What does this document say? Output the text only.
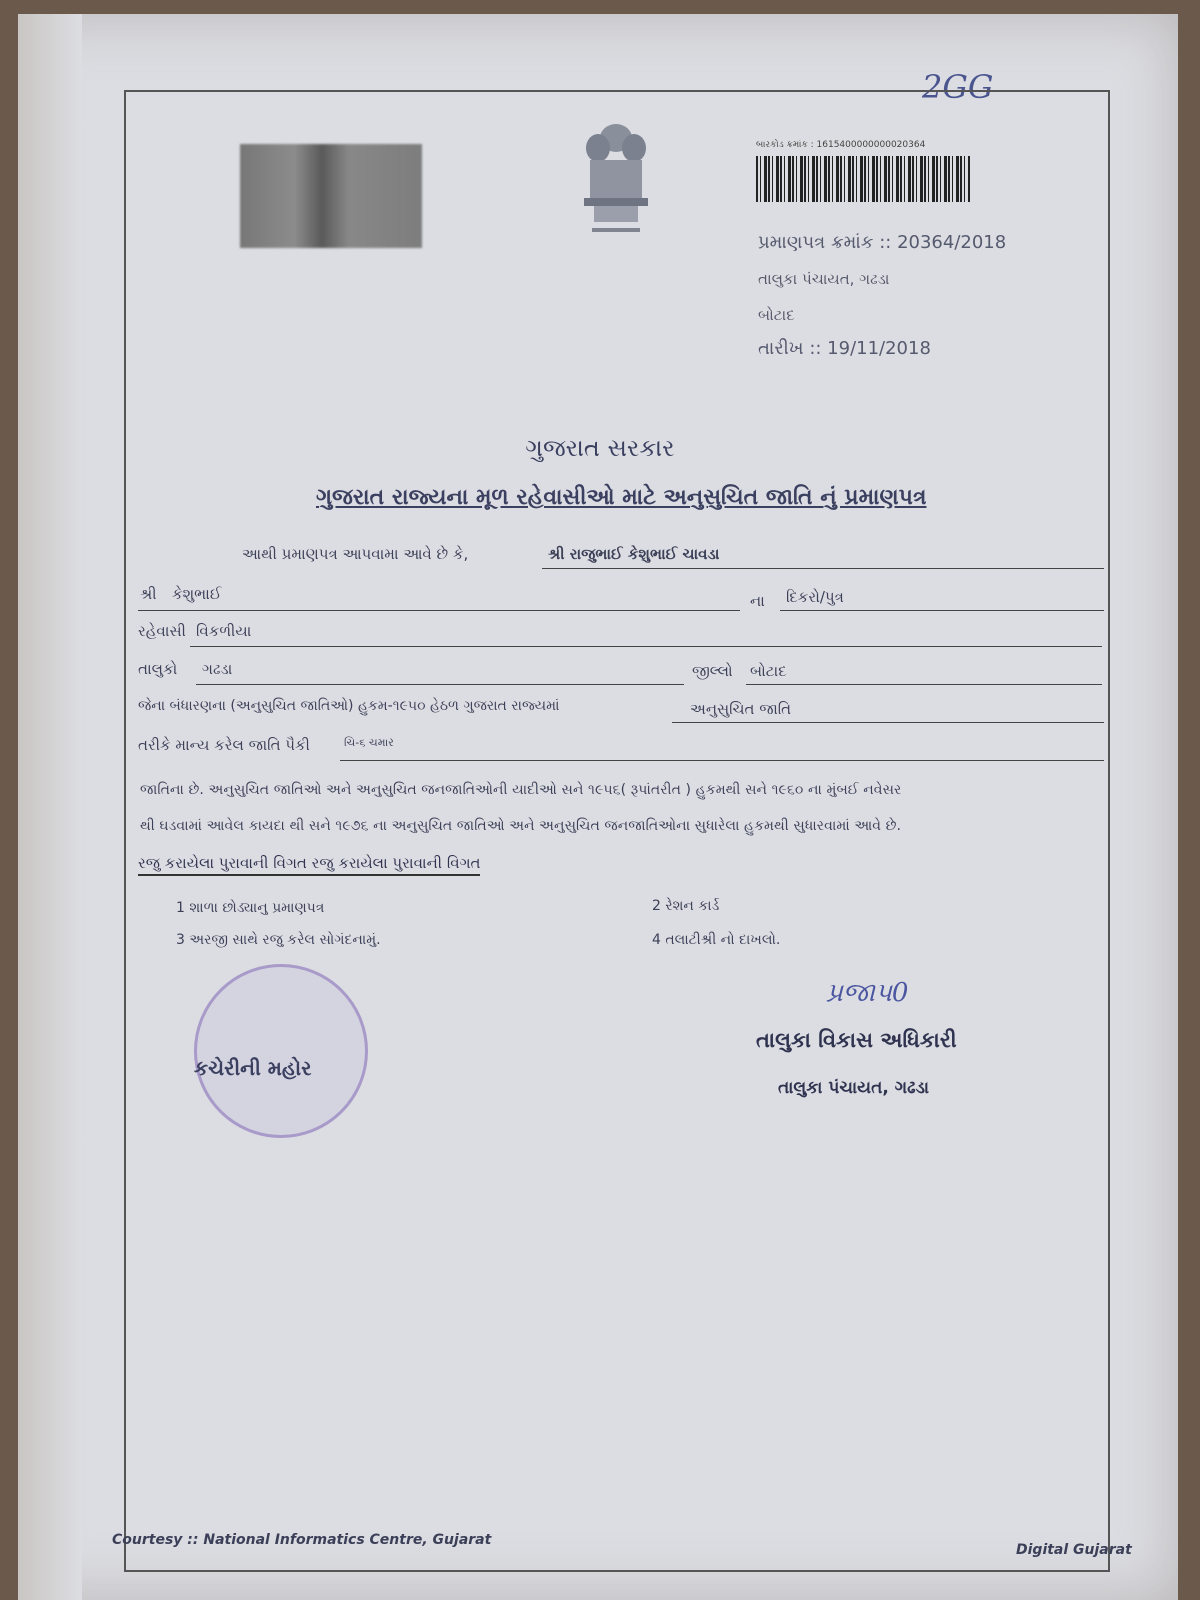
2GG
બારકોડ ક્રમાંક : 1615400000000020364
પ્રમાણપત્ર ક્રમાંક :: 20364/2018
તાલુકા પંચાયત, ગઢડા
બોટાદ
તારીખ :: 19/11/2018
ગુજરાત સરકાર
ગુજરાત રાજ્યના મૂળ રહેવાસીઓ માટે અનુસુચિત જાતિ નું પ્રમાણપત્ર
આથી પ્રમાણપત્ર આપવામા આવે છે કે,	શ્રી રાજુભાઈ કેશુભાઈ ચાવડા
શ્રી કેશુભાઈ	ના દિકરો/પુત્ર
રહેવાસી વિકળીયા
તાલુકો ગઢડા	જીલ્લો બોટાદ
જેના બંધારણના (અનુસુચિત જાતિઓ) હુકમ-૧૯૫૦ હેઠળ ગુજરાત રાજ્યમાં	અનુસુચિત જાતિ
તરીકે માન્ય કરેલ જાતિ પૈકી	ચિ-૬ ચમાર
જાતિના છે. અનુસુચિત જાતિઓ અને અનુસુચિત જનજાતિઓની યાદીઓ સને ૧૯૫૬( રૂપાંતરીત ) હુકમથી સને ૧૯૬૦ ના મુંબઈ નવેસર
થી ઘડવામાં આવેલ કાયદા થી સને ૧૯૭૬ ના અનુસુચિત જાતિઓ અને અનુસુચિત જનજાતિઓના સુધારેલા હુકમથી સુધારવામાં આવે છે.
રજુ કરાયેલા પુરાવાની વિગત રજુ કરાયેલા પુરાવાની વિગત
1 શાળા છોડ્યાનુ પ્રમાણપત્ર	2 રેશન કાર્ડ
3 અરજી સાથે રજુ કરેલ સોગંદનામું.	4 તલાટીશ્રી નો દાખલો.
કચેરીની મહોર
પ્રજાપ0
તાલુકા વિકાસ અધિકારી
તાલુકા પંચાયત, ગઢડા
Courtesy :: National Informatics Centre, Gujarat
Digital Gujarat
